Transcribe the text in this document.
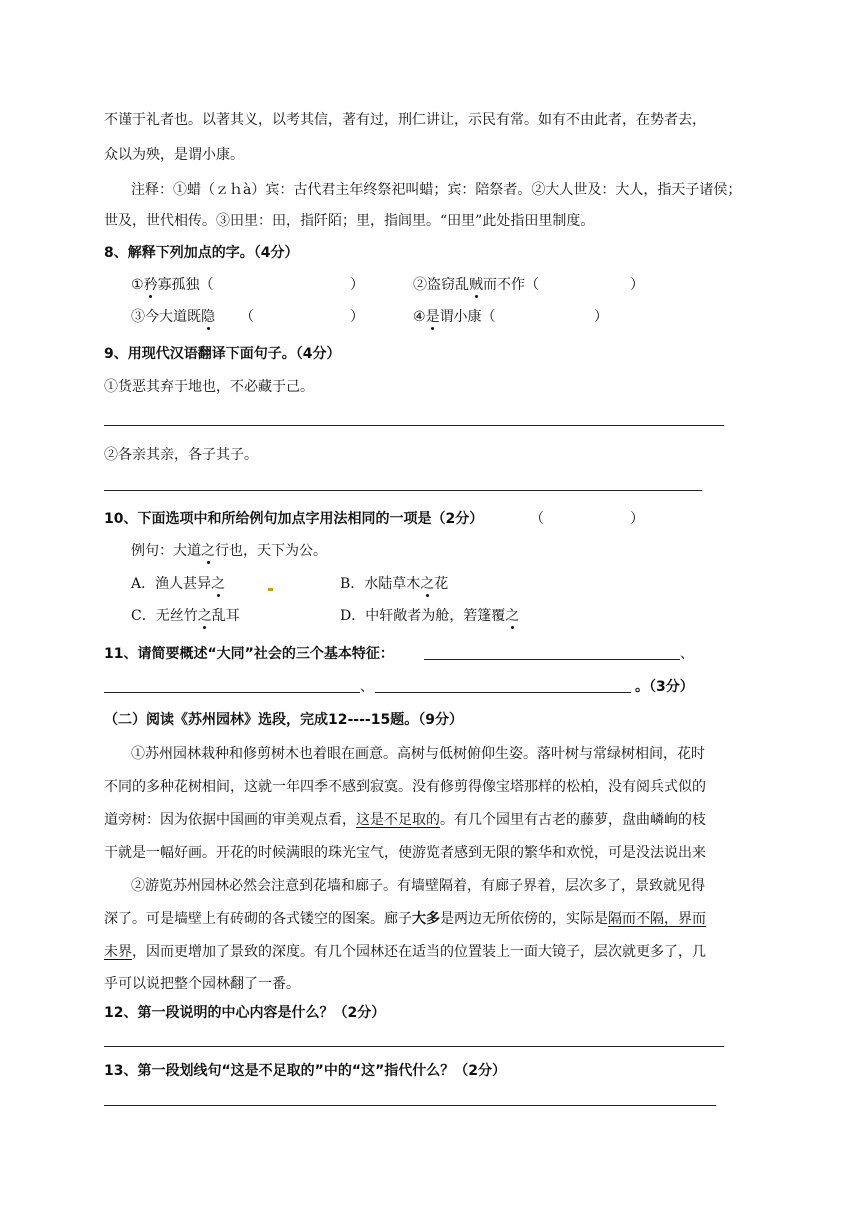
不谨于礼者也。以著其义，以考其信，著有过，刑仁讲让，示民有常。如有不由此者，在势者去，
众以为殃，是谓小康。
注释：①蜡（ｚｈà）宾：古代君主年终祭祀叫蜡；宾：陪祭者。②大人世及：大人，指天子诸侯；
世及，世代相传。③田里：田，指阡陌；里，指闾里。“田里”此处指田里制度。
8、解释下列加点的字。（4分）
①矜寡孤独（	）	②盗窃乱贼而不作（	）
③今大道既隐 （	）	④是谓小康（	）
9、用现代汉语翻译下面句子。（4分）
①货恶其弃于地也，不必藏于己。
②各亲其亲，各子其子。
10、下面选项中和所给例句加点字用法相同的一项是（2分）	（	）
例句：大道之行也，天下为公。
A．渔人甚异之	B．水陆草木之花
C．无丝竹之乱耳	D．中轩敞者为舱，箬篷覆之
11、请简要概述“大同”社会的三个基本特征：	、
、	。（3分）
（二）阅读《苏州园林》选段，完成12----15题。（9分）
①苏州园林栽种和修剪树木也着眼在画意。高树与低树俯仰生姿。落叶树与常绿树相间，花时
不同的多种花树相间，这就一年四季不感到寂寞。没有修剪得像宝塔那样的松柏，没有阅兵式似的
道旁树：因为依据中国画的审美观点看，这是不足取的。有几个园里有古老的藤萝，盘曲嶙峋的枝
干就是一幅好画。开花的时候满眼的珠光宝气，使游览者感到无限的繁华和欢悦，可是没法说出来
②游览苏州园林必然会注意到花墙和廊子。有墙壁隔着，有廊子界着，层次多了，景致就见得
深了。可是墙壁上有砖砌的各式镂空的图案。廊子大多是两边无所依傍的，实际是隔而不隔，界而
未界，因而更增加了景致的深度。有几个园林还在适当的位置装上一面大镜子，层次就更多了，几
乎可以说把整个园林翻了一番。
12、第一段说明的中心内容是什么？（2分）
13、第一段划线句“这是不足取的”中的“这”指代什么？（2分）
